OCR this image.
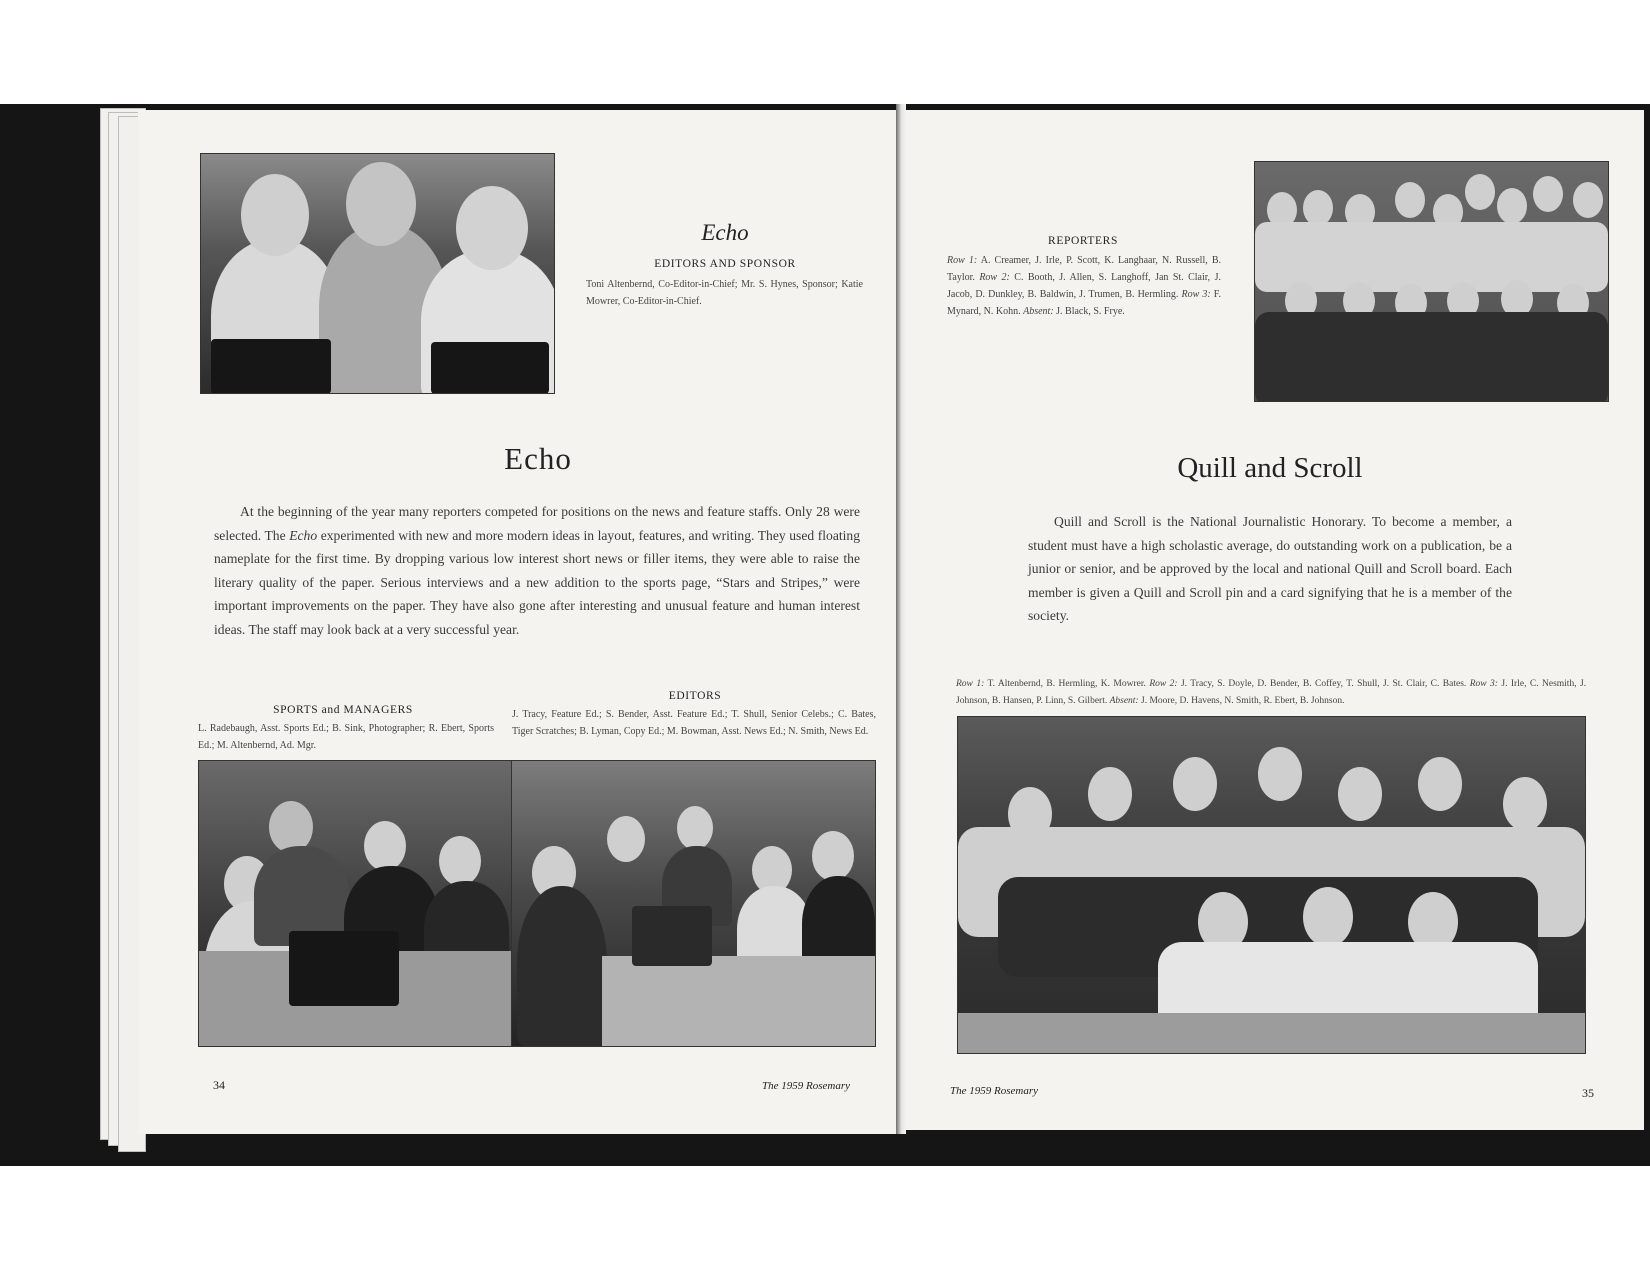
Echo
EDITORS AND SPONSOR
Toni Altenbernd, Co-Editor-in-Chief; Mr. S. Hynes, Sponsor; Katie Mowrer, Co-Editor-in-Chief.
Echo
At the beginning of the year many reporters competed for positions on the news and feature staffs. Only 28 were selected. The Echo experimented with new and more modern ideas in layout, features, and writing. They used floating nameplate for the first time. By dropping various low interest short news or filler items, they were able to raise the literary quality of the paper. Serious interviews and a new addition to the sports page, “Stars and Stripes,” were important improvements on the paper. They have also gone after interesting and unusual feature and human interest ideas. The staff may look back at a very successful year.
SPORTS and MANAGERS
L. Radebaugh, Asst. Sports Ed.; B. Sink, Photographer; R. Ebert, Sports Ed.; M. Altenbernd, Ad. Mgr.
EDITORS
J. Tracy, Feature Ed.; S. Bender, Asst. Feature Ed.; T. Shull, Senior Celebs.; C. Bates, Tiger Scratches; B. Lyman, Copy Ed.; M. Bowman, Asst. News Ed.; N. Smith, News Ed.
34	The 1959 Rosemary
REPORTERS
Row 1: A. Creamer, J. Irle, P. Scott, K. Langhaar, N. Russell, B. Taylor. Row 2: C. Booth, J. Allen, S. Langhoff, Jan St. Clair, J. Jacob, D. Dunkley, B. Baldwin, J. Trumen, B. Hermling. Row 3: F. Mynard, N. Kohn. Absent: J. Black, S. Frye.
Quill and Scroll
Quill and Scroll is the National Journalistic Honorary. To become a member, a student must have a high scholastic average, do outstanding work on a publication, be a junior or senior, and be approved by the local and national Quill and Scroll board. Each member is given a Quill and Scroll pin and a card signifying that he is a member of the society.
Row 1: T. Altenbernd, B. Hermling, K. Mowrer. Row 2: J. Tracy, S. Doyle, D. Bender, B. Coffey, T. Shull, J. St. Clair, C. Bates. Row 3: J. Irle, C. Nesmith, J. Johnson, B. Hansen, P. Linn, S. Gilbert. Absent: J. Moore, D. Havens, N. Smith, R. Ebert, B. Johnson.
The 1959 Rosemary	35
